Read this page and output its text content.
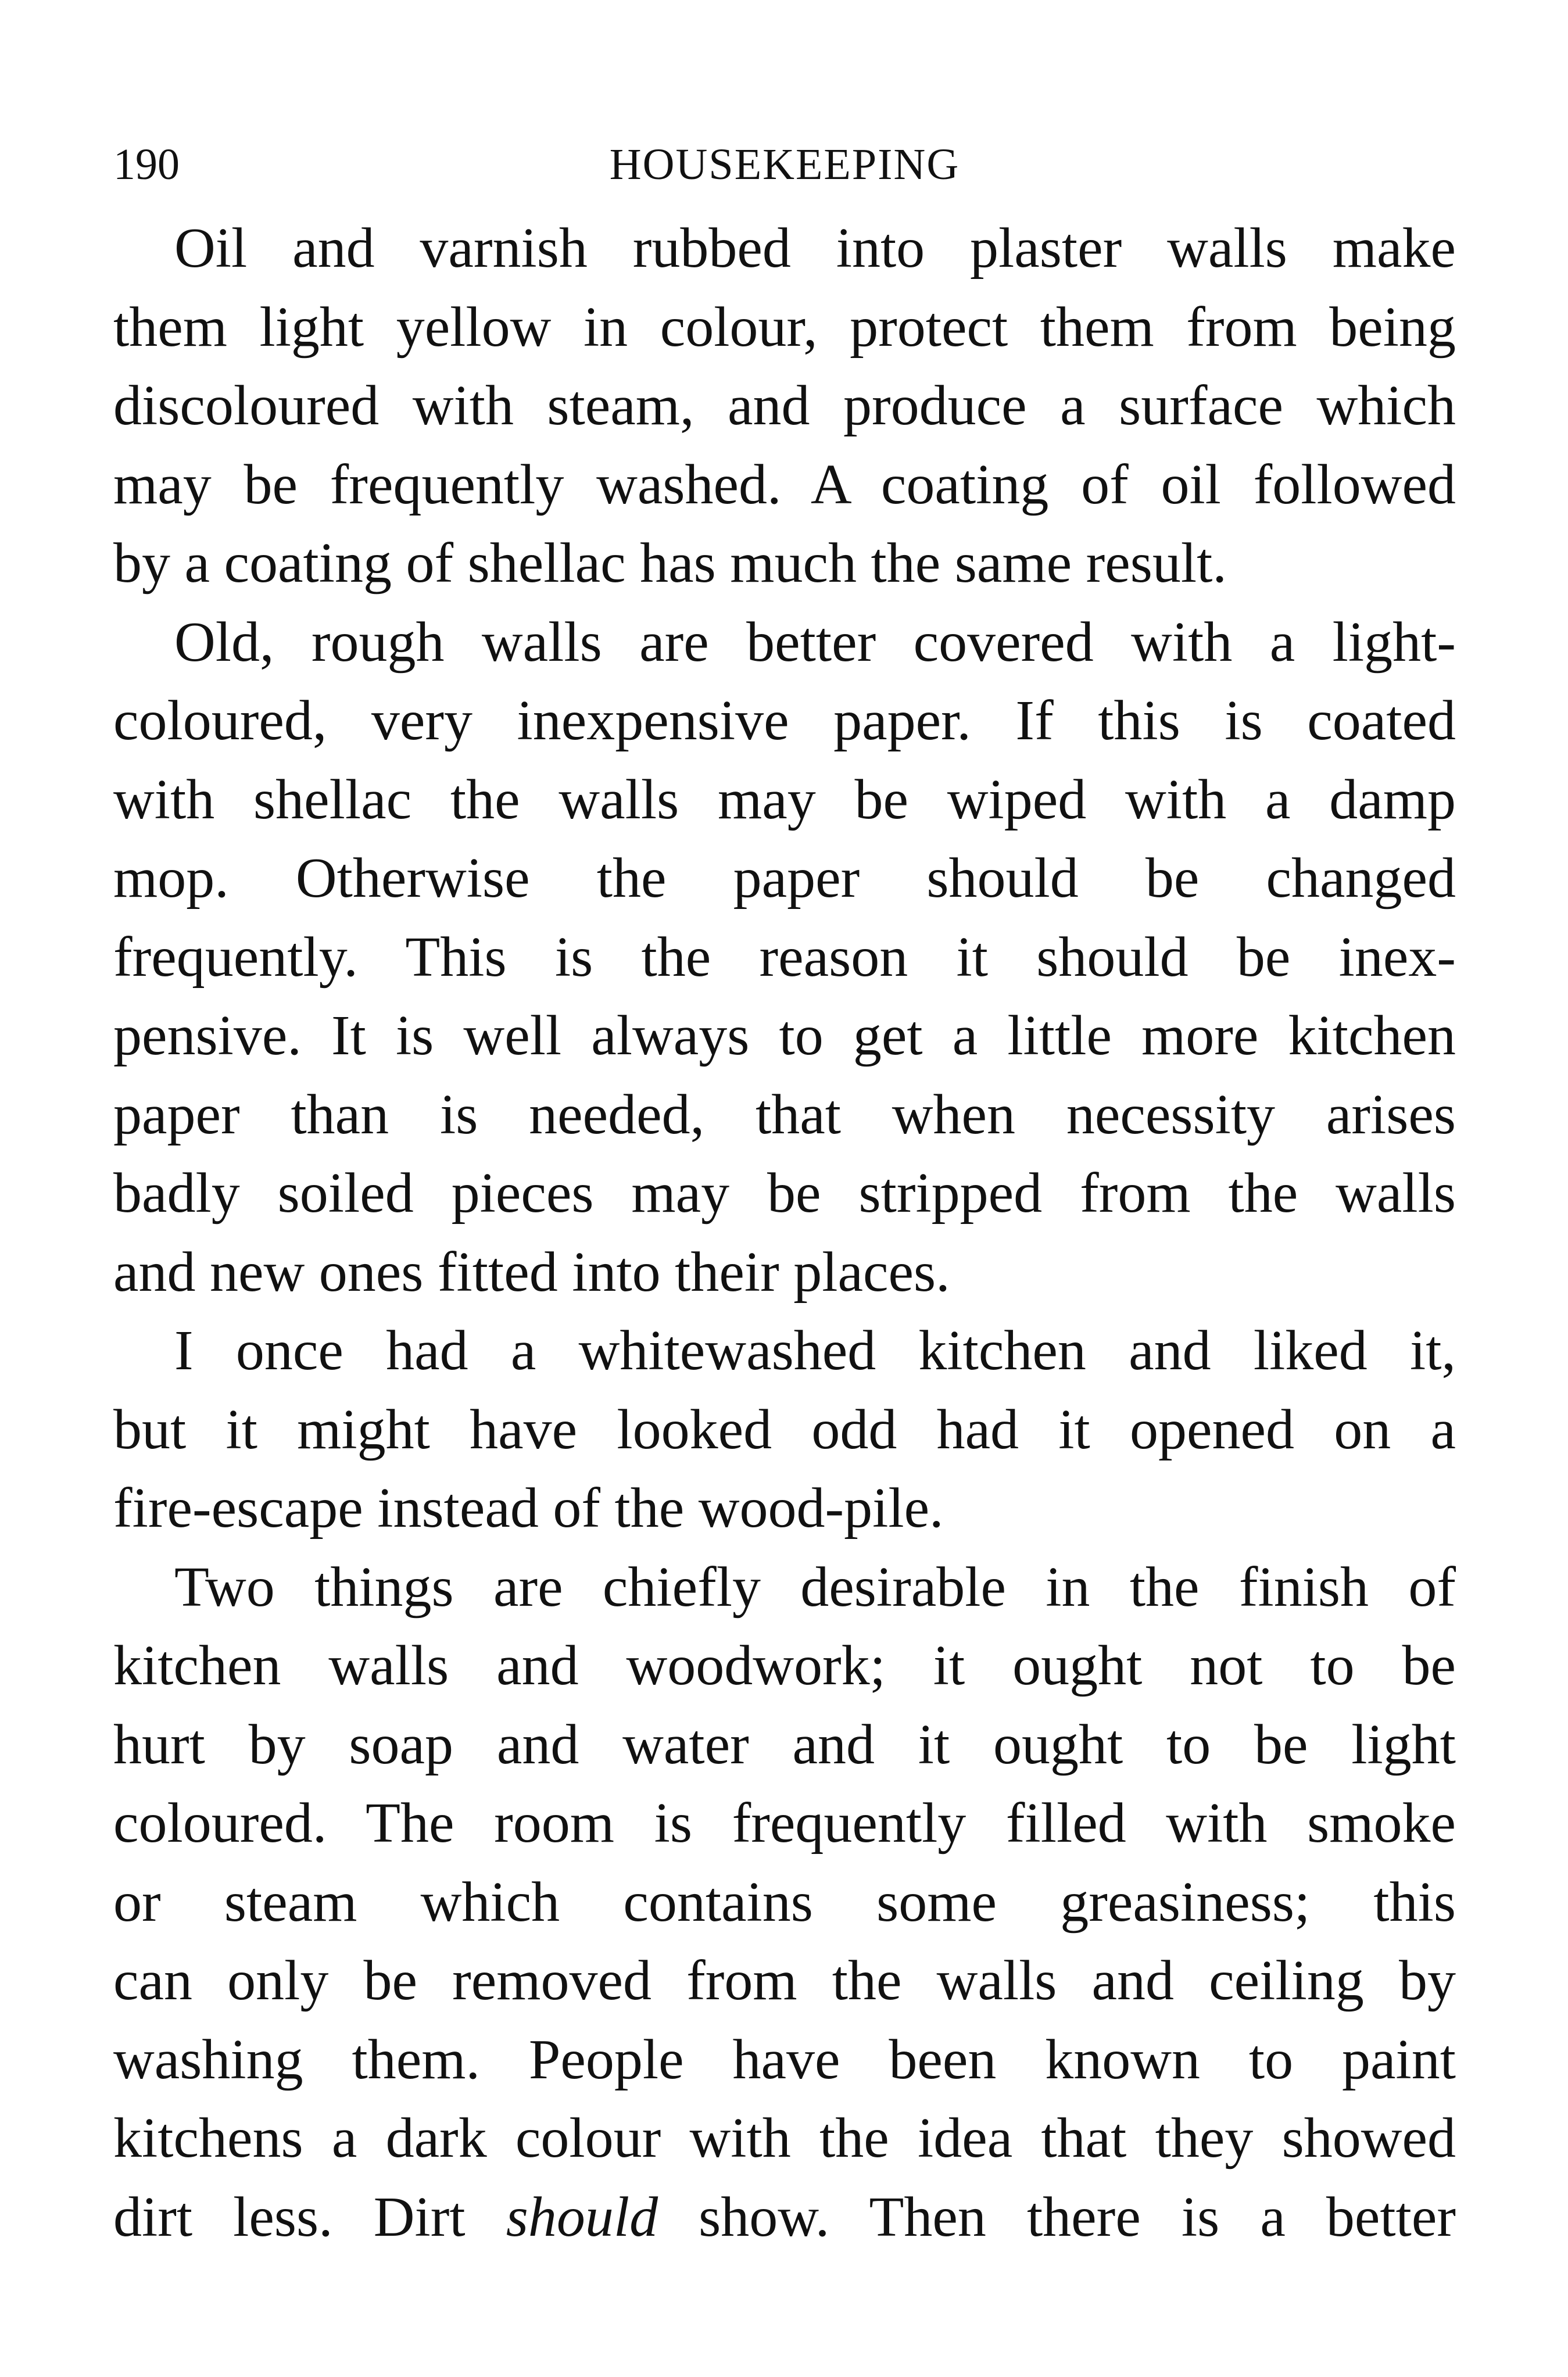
190	HOUSEKEEPING
Oil and varnish rubbed into plaster walls make
them light yellow in colour, protect them from being
discoloured with steam, and produce a surface which
may be frequently washed. A coating of oil followed
by a coating of shellac has much the same result.
Old, rough walls are better covered with a light-
coloured, very inexpensive paper. If this is coated
with shellac the walls may be wiped with a damp
mop. Otherwise the paper should be changed
frequently. This is the reason it should be inex-
pensive. It is well always to get a little more kitchen
paper than is needed, that when necessity arises
badly soiled pieces may be stripped from the walls
and new ones fitted into their places.
I once had a whitewashed kitchen and liked it,
but it might have looked odd had it opened on a
fire-escape instead of the wood-pile.
Two things are chiefly desirable in the finish of
kitchen walls and woodwork; it ought not to be
hurt by soap and water and it ought to be light
coloured. The room is frequently filled with smoke
or steam which contains some greasiness; this
can only be removed from the walls and ceiling by
washing them. People have been known to paint
kitchens a dark colour with the idea that they showed
dirt less. Dirt should show. Then there is a better
